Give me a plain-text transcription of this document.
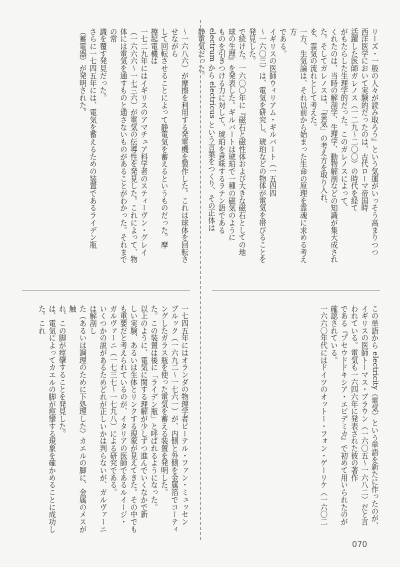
リーズ・一般の人々が読み取ろう』という気運がいっそう高まりつつ

西洋医学において実験的だったのは、古代ローマ帝国時

活躍した医師ガレノス（一二九～二〇〇）の時代を経て

がもたらした生理学的だった。このガレノスによって、

くれたのは、当時の解剖学、生理学、動物解剖などの知識が集大成され

た。そしてガレノスは、「霊気」の考え方を取り入れ、

を、霊気の流れとして考えた。

一方、生気論は、それ以前から始まった生命の原理を霊魂に求める考え方

である。

イギリスの医師ウィリアム・ギルバート（一五四四

～一六〇三）は、電気を研究し、琥珀などの物体が電気を帯びることを発見した。

で続けた。一六〇〇年に『磁石と磁性体および大きな磁石としての地

球の生理』を発表した。ギルバートは琥珀で一種の磁気のように

ものを引きつける力に対して、琥珀を意味するラテン語である

electrum から electricus という言葉をつくり、その正体は

静電気だった。

この単語から electricity（電気）という単語を新たに作ったのが、

イギリスの医師トーマス・ブラウン（一六〇五～一六八二）だと言

われている。電気も一六四六年に発表された彼の著作

である『プセウドドキシア・エピデミカ』で初めて用いられたのが

確認されている。

一六六〇年代にはドイツのオットー・フォン・ゲーリケ（一六〇二

～一六八六）が摩擦を利用する発電機を製作した。これは球体を回転させながら

して回転させることによって静電気を蓄えるというものだった。摩

擦起電機は

一七二九年にはイギリスのアマチュア科学者のスティーヴン・グレイ（一六六六～一七三六）が電気の伝導性を発見した。これによって、物体には電気を通すものと通さないものがあることがわかった。それまでの常

識を覆す発見だった。

さらに一七四五年には、電気を蓄えるための装置であるライデン瓶

（蓄電器）が発明された。

一七四五年にはオランダの物理学者ピーテル・ファン・ミュッセン

ブルック（一六九二～一七六一）が、内側と外側を金属箔でコーティ

ングしたガラス瓶を使った電気を蓄える装置を発明した。

た。この装置は後に「ライデン瓶」と呼ばれるようになった。

以上のように、電気に関する理解が少しずつ進んでいくなかで新

しい実験、あるいは生体とリンクする現象が見えてきた。その中でも

も重要だと考えられているのが、イタリアの医師であるルイージ・

ガルヴァーニ（一七三七～一七九八）による研究である。

いくつかの説があるためどれが正しいかは判らないが、ガルヴァーニは解剖し

た（あるいは調理のために下処理した）カエルの脚に、金属のメスが触

れ、この脚が痙攣することを発見した。

は、電気によってカエルの脚が痙攣する現象を確かめることに成功した。これ

070
